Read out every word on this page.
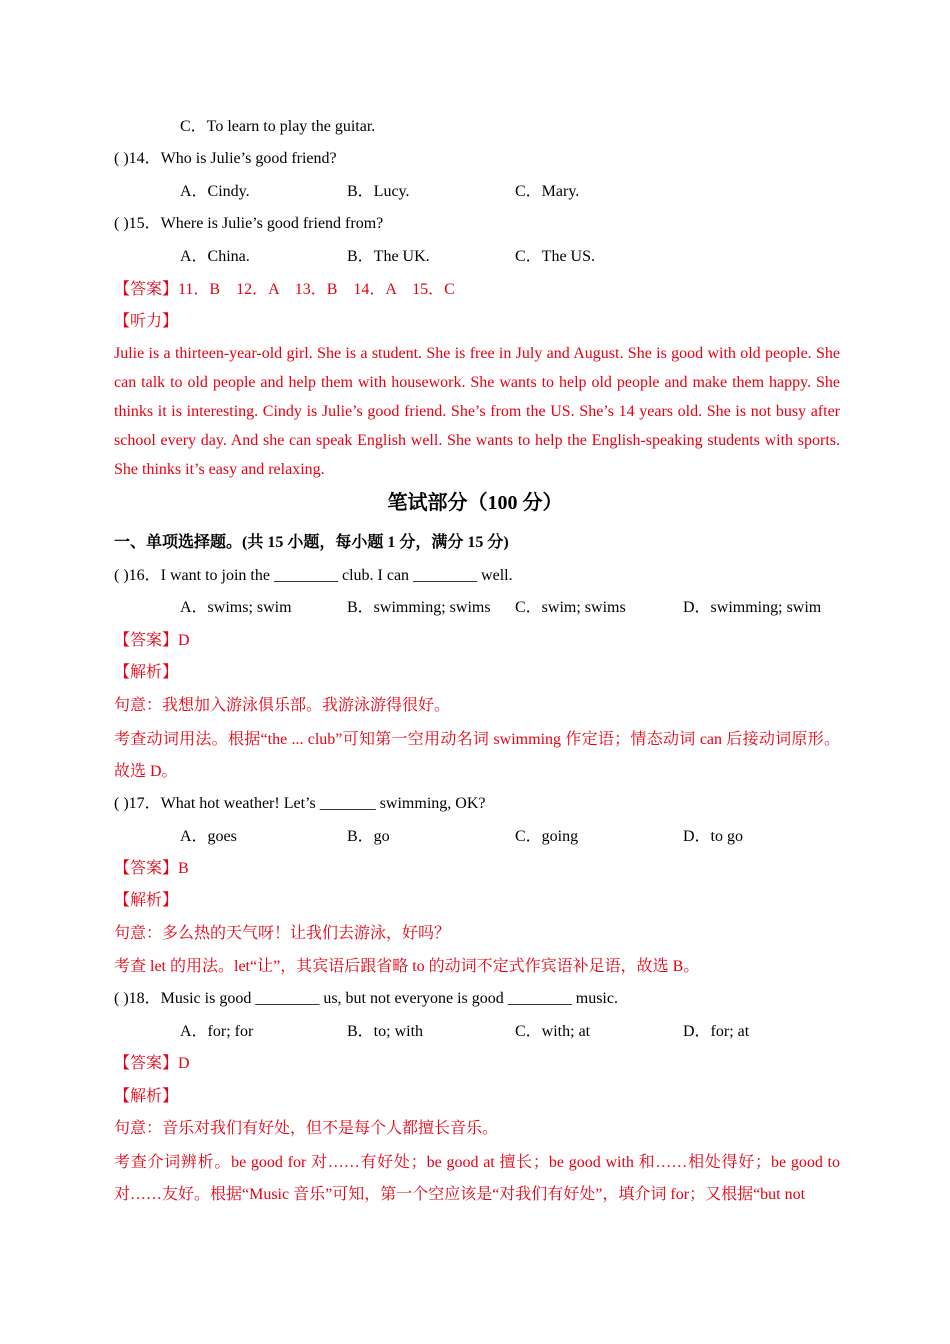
C．To learn to play the guitar.
( )14．Who is Julie’s good friend?
A．Cindy.	B．Lucy.	C．Mary.
( )15．Where is Julie’s good friend from?
A．China.	B．The UK.	C．The US.
【答案】11．B    12．A    13．B    14．A    15．C
【听力】
Julie is a thirteen-year-old girl. She is a student. She is free in July and August. She is good with old people. She can talk to old people and help them with housework. She wants to help old people and make them happy. She thinks it is interesting. Cindy is Julie’s good friend. She’s from the US. She’s 14 years old. She is not busy after school every day. And she can speak English well. She wants to help the English-speaking students with sports. She thinks it’s easy and relaxing.
笔试部分（100 分）
一、单项选择题。(共 15 小题，每小题 1 分，满分 15 分)
( )16．I want to join the ________ club. I can ________ well.
A．swims; swim	B．swimming; swims C．swim; swims	D．swimming; swim
【答案】D
【解析】
句意：我想加入游泳俱乐部。我游泳游得很好。
考查动词用法。根据“the ... club”可知第一空用动名词 swimming 作定语；情态动词 can 后接动词原形。故选 D。
( )17．What hot weather! Let’s _______ swimming, OK?
A．goes	B．go	C．going	D．to go
【答案】B
【解析】
句意：多么热的天气呀！让我们去游泳，好吗？
考查 let 的用法。let“让”，其宾语后跟省略 to 的动词不定式作宾语补足语，故选 B。
( )18．Music is good ________ us, but not everyone is good ________ music.
A．for; for	B．to; with	C．with; at	D．for; at
【答案】D
【解析】
句意：音乐对我们有好处，但不是每个人都擅长音乐。
考查介词辨析。be good for 对……有好处；be good at 擅长；be good with 和……相处得好；be good to 对……友好。根据“Music 音乐”可知，第一个空应该是“对我们有好处”，填介词 for；又根据“but not
